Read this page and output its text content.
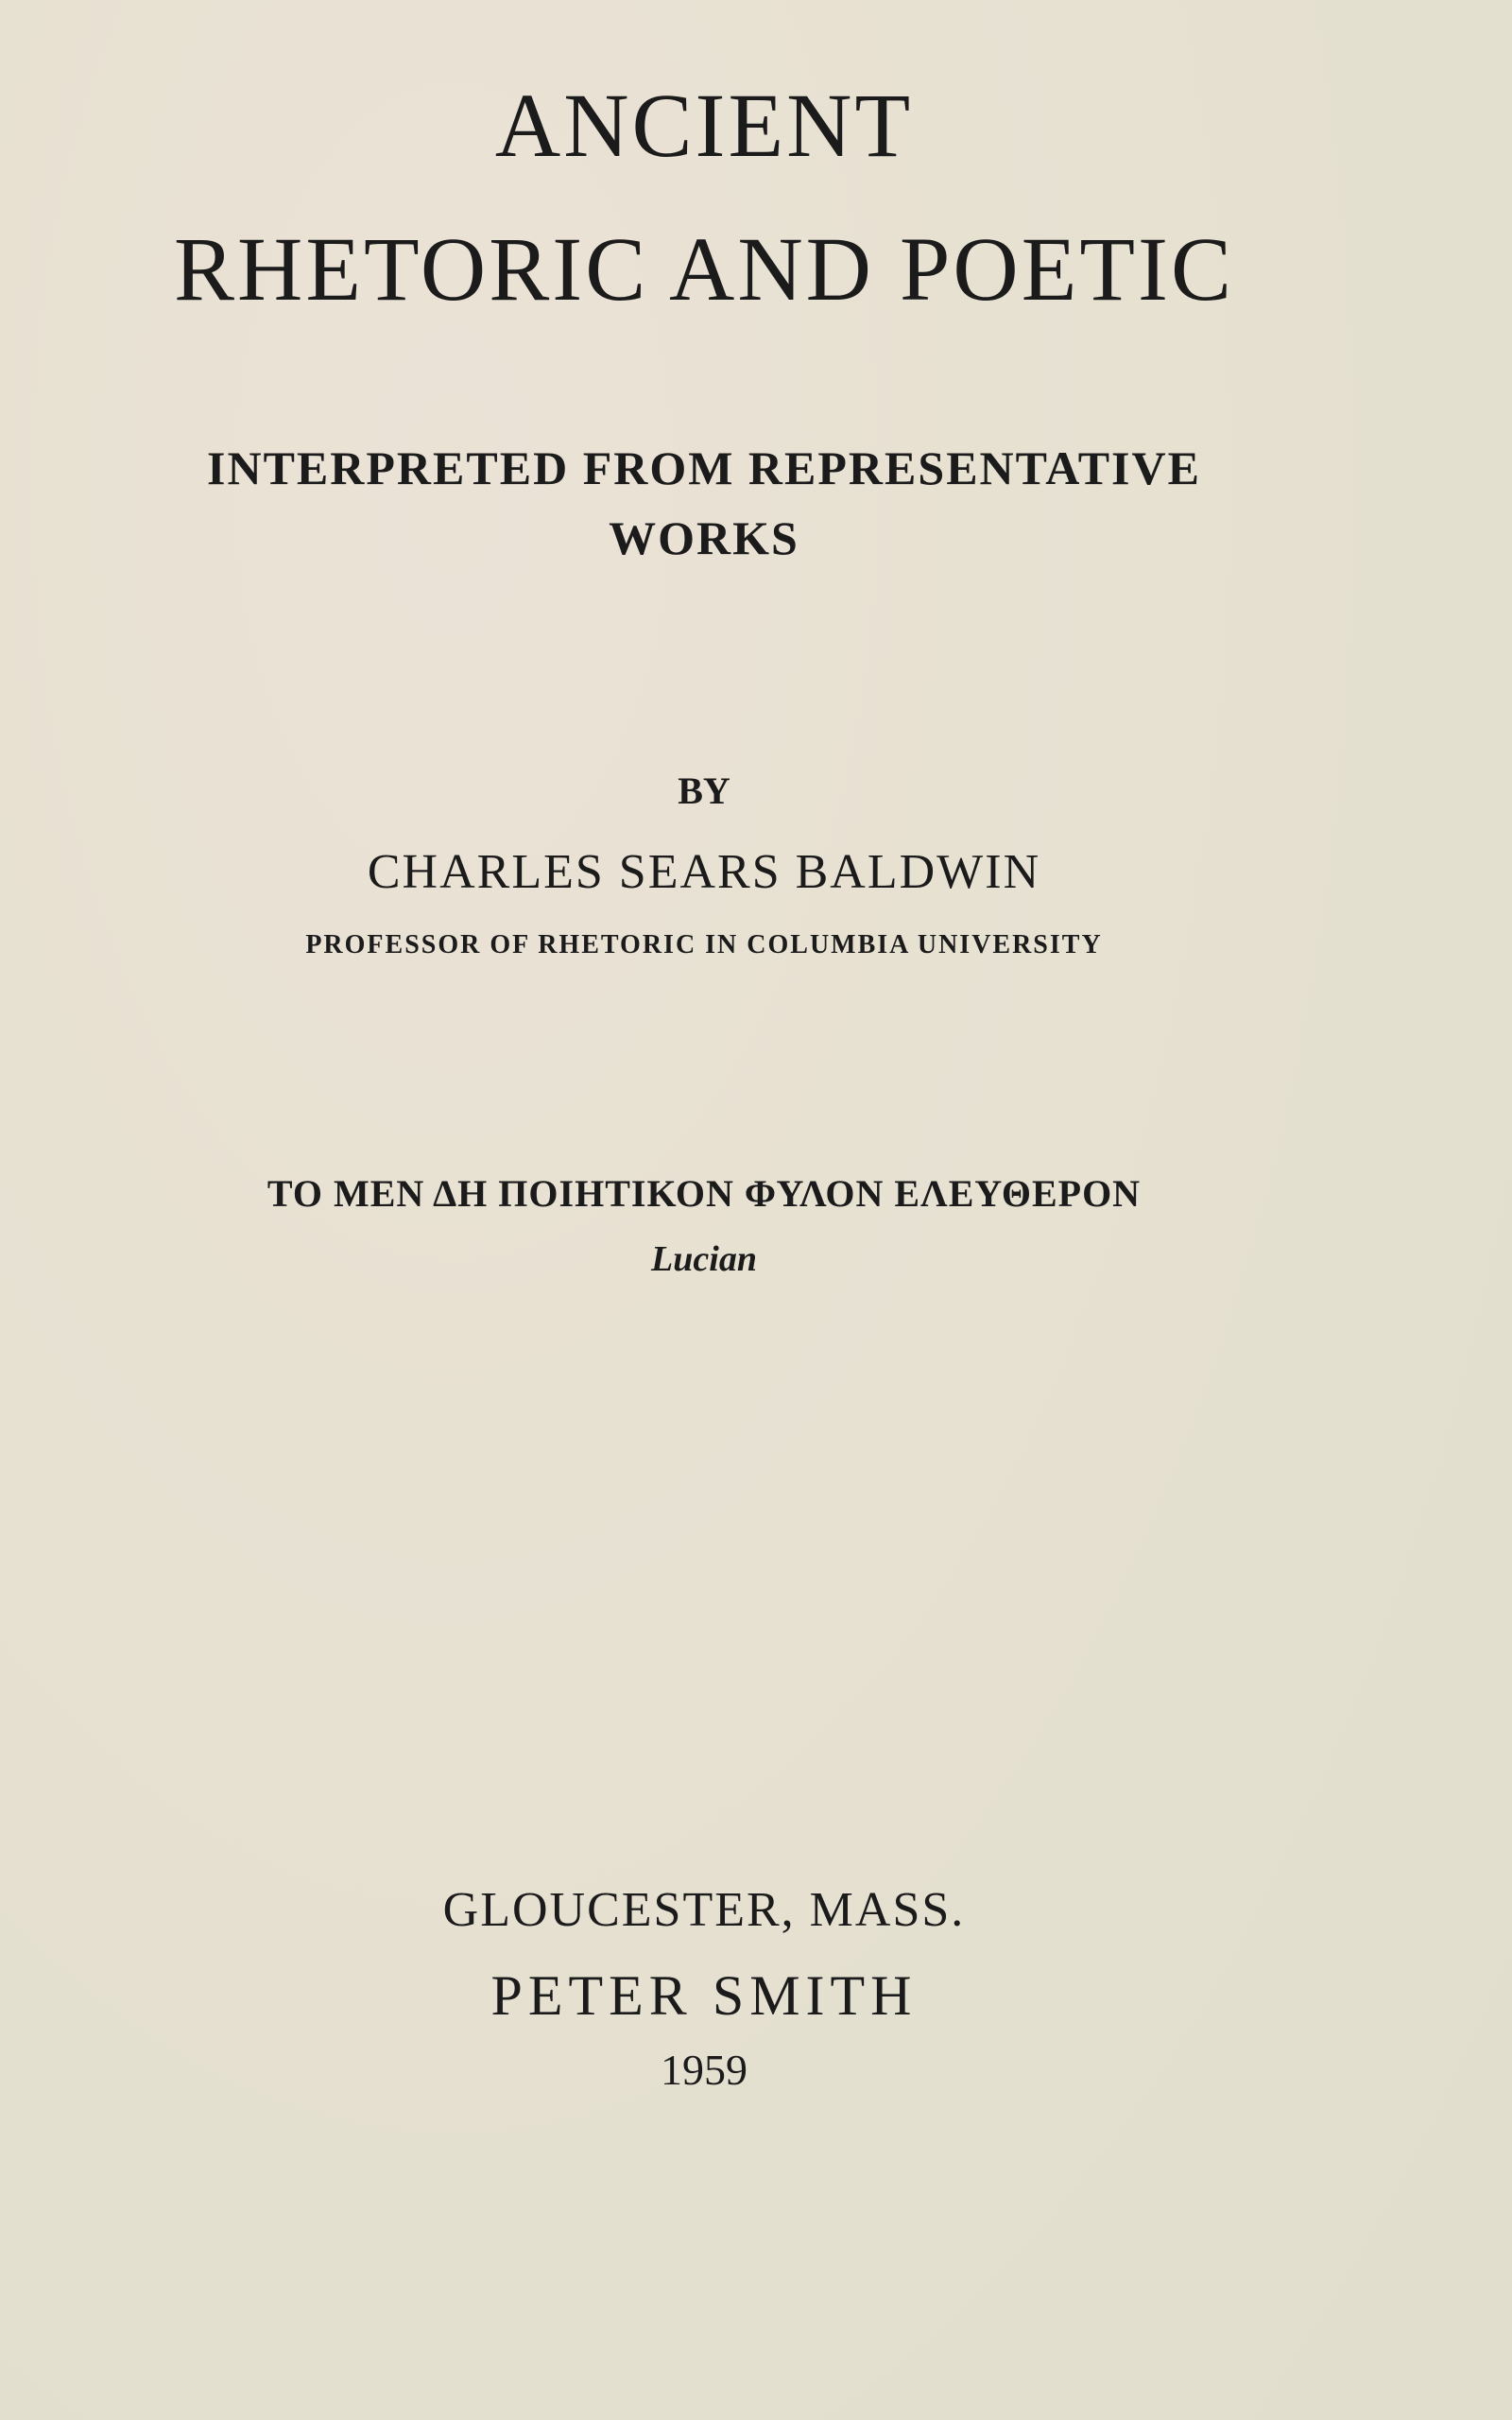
ANCIENT
RHETORIC AND POETIC
INTERPRETED FROM REPRESENTATIVE
WORKS
BY
CHARLES SEARS BALDWIN
PROFESSOR OF RHETORIC IN COLUMBIA UNIVERSITY
ΤΟ ΜΕΝ ΔΗ ΠΟΙΗΤΙΚΟΝ ΦΥΛΟΝ ΕΛΕΥΘΕΡΟΝ
Lucian
GLOUCESTER, MASS.
PETER SMITH
1959
